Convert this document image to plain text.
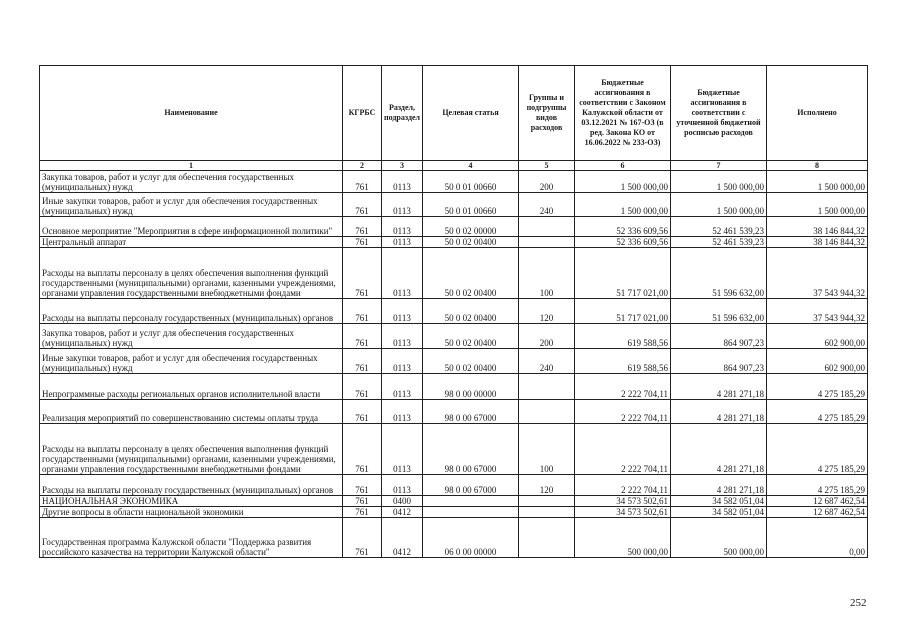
Наименование	КГРБС	Раздел, подраздел	Целевая статья	Группы и подгруппы видов расходов	Бюджетные ассигнования в соответствии с Законом Калужской области от 03.12.2021 № 167-ОЗ (в ред. Закона КО от 16.06.2022 № 233-ОЗ)	Бюджетные ассигнования в соответствии с уточненной бюджетной росписью расходов	Исполнено
1	2	3	4	5	6	7	8
Закупка товаров, работ и услуг для обеспечения государственных (муниципальных) нужд	761	0113	50 0 01 00660	200	1 500 000,00	1 500 000,00	1 500 000,00
Иные закупки товаров, работ и услуг для обеспечения государственных (муниципальных) нужд	761	0113	50 0 01 00660	240	1 500 000,00	1 500 000,00	1 500 000,00
Основное мероприятие "Мероприятия в сфере информационной политики"	761	0113	50 0 02 00000		52 336 609,56	52 461 539,23	38 146 844,32
Центральный аппарат	761	0113	50 0 02 00400		52 336 609,56	52 461 539,23	38 146 844,32
Расходы на выплаты персоналу в целях обеспечения выполнения функций государственными (муниципальными) органами, казенными учреждениями, органами управления государственными внебюджетными фондами	761	0113	50 0 02 00400	100	51 717 021,00	51 596 632,00	37 543 944,32
Расходы на выплаты персоналу государственных (муниципальных) органов	761	0113	50 0 02 00400	120	51 717 021,00	51 596 632,00	37 543 944,32
Закупка товаров, работ и услуг для обеспечения государственных (муниципальных) нужд	761	0113	50 0 02 00400	200	619 588,56	864 907,23	602 900,00
Иные закупки товаров, работ и услуг для обеспечения государственных (муниципальных) нужд	761	0113	50 0 02 00400	240	619 588,56	864 907,23	602 900,00
Непрограммные расходы региональных органов исполнительной власти	761	0113	98 0 00 00000		2 222 704,11	4 281 271,18	4 275 185,29
Реализация мероприятий по совершенствованию системы оплаты труда	761	0113	98 0 00 67000		2 222 704,11	4 281 271,18	4 275 185,29
Расходы на выплаты персоналу в целях обеспечения выполнения функций государственными (муниципальными) органами, казенными учреждениями, органами управления государственными внебюджетными фондами	761	0113	98 0 00 67000	100	2 222 704,11	4 281 271,18	4 275 185,29
Расходы на выплаты персоналу государственных (муниципальных) органов	761	0113	98 0 00 67000	120	2 222 704,11	4 281 271,18	4 275 185,29
НАЦИОНАЛЬНАЯ ЭКОНОМИКА	761	0400			34 573 502,61	34 582 051,04	12 687 462,54
Другие вопросы в области национальной экономики	761	0412			34 573 502,61	34 582 051,04	12 687 462,54
Государственная программа Калужской области "Поддержка развития российского казачества на территории Калужской области"	761	0412	06 0 00 00000		500 000,00	500 000,00	0,00
252
